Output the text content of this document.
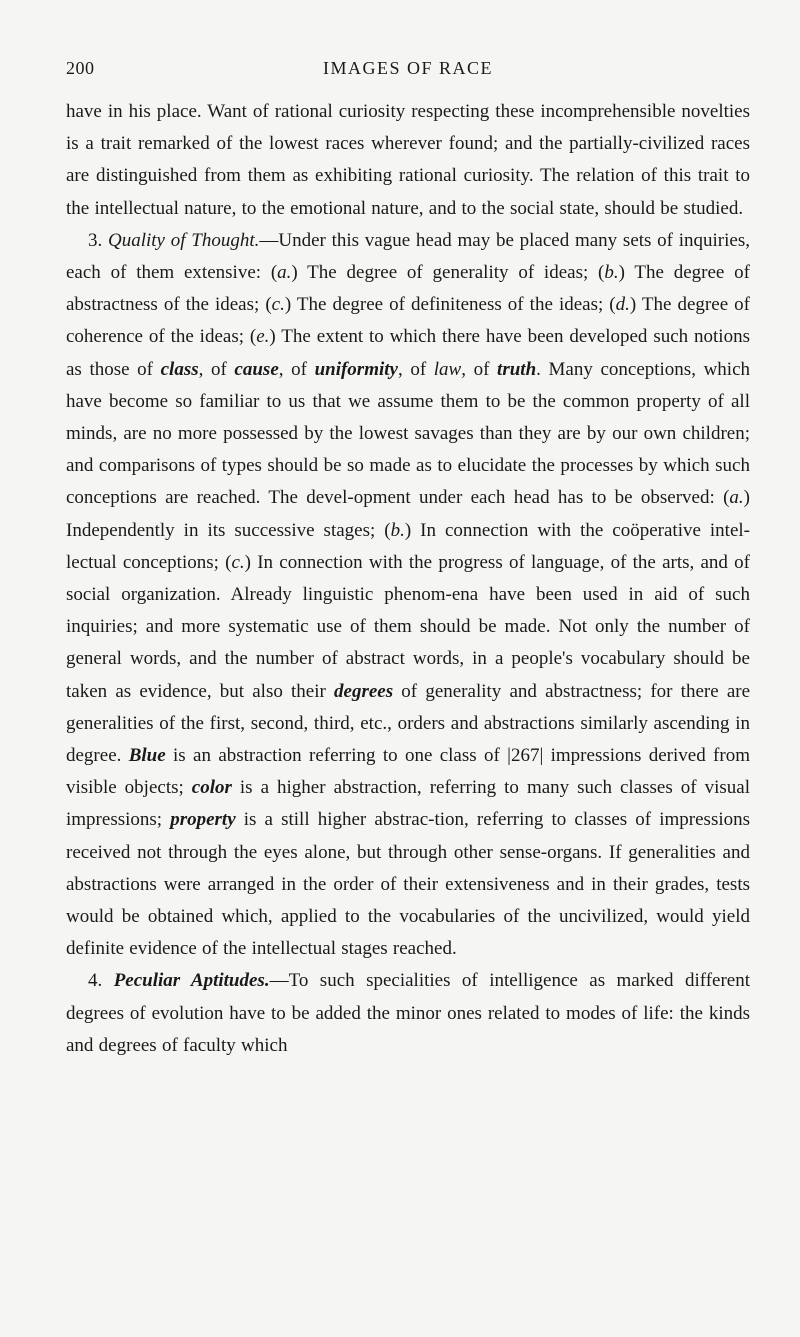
200	IMAGES OF RACE

have in his place. Want of rational curiosity respecting these incomprehensible novelties is a trait remarked of the lowest races wherever found; and the partially-civilized races are distinguished from them as exhibiting rational curiosity. The relation of this trait to the intellectual nature, to the emotional nature, and to the social state, should be studied.

3. Quality of Thought.—Under this vague head may be placed many sets of inquiries, each of them extensive: (a.) The degree of generality of ideas; (b.) The degree of abstractness of the ideas; (c.) The degree of definiteness of the ideas; (d.) The degree of coherence of the ideas; (e.) The extent to which there have been developed such notions as those of class, of cause, of uniformity, of law, of truth. Many conceptions, which have become so familiar to us that we assume them to be the common property of all minds, are no more possessed by the lowest savages than they are by our own children; and comparisons of types should be so made as to elucidate the processes by which such conceptions are reached. The devel-opment under each head has to be observed: (a.) Independently in its successive stages; (b.) In connection with the coöperative intel-lectual conceptions; (c.) In connection with the progress of language, of the arts, and of social organization. Already linguistic phenom-ena have been used in aid of such inquiries; and more systematic use of them should be made. Not only the number of general words, and the number of abstract words, in a people's vocabulary should be taken as evidence, but also their degrees of generality and abstractness; for there are generalities of the first, second, third, etc., orders and abstractions similarly ascending in degree. Blue is an abstraction referring to one class of |267| impressions derived from visible objects; color is a higher abstraction, referring to many such classes of visual impressions; property is a still higher abstrac-tion, referring to classes of impressions received not through the eyes alone, but through other sense-organs. If generalities and abstractions were arranged in the order of their extensiveness and in their grades, tests would be obtained which, applied to the vocabularies of the uncivilized, would yield definite evidence of the intellectual stages reached.

4. Peculiar Aptitudes.—To such specialities of intelligence as marked different degrees of evolution have to be added the minor ones related to modes of life: the kinds and degrees of faculty which
